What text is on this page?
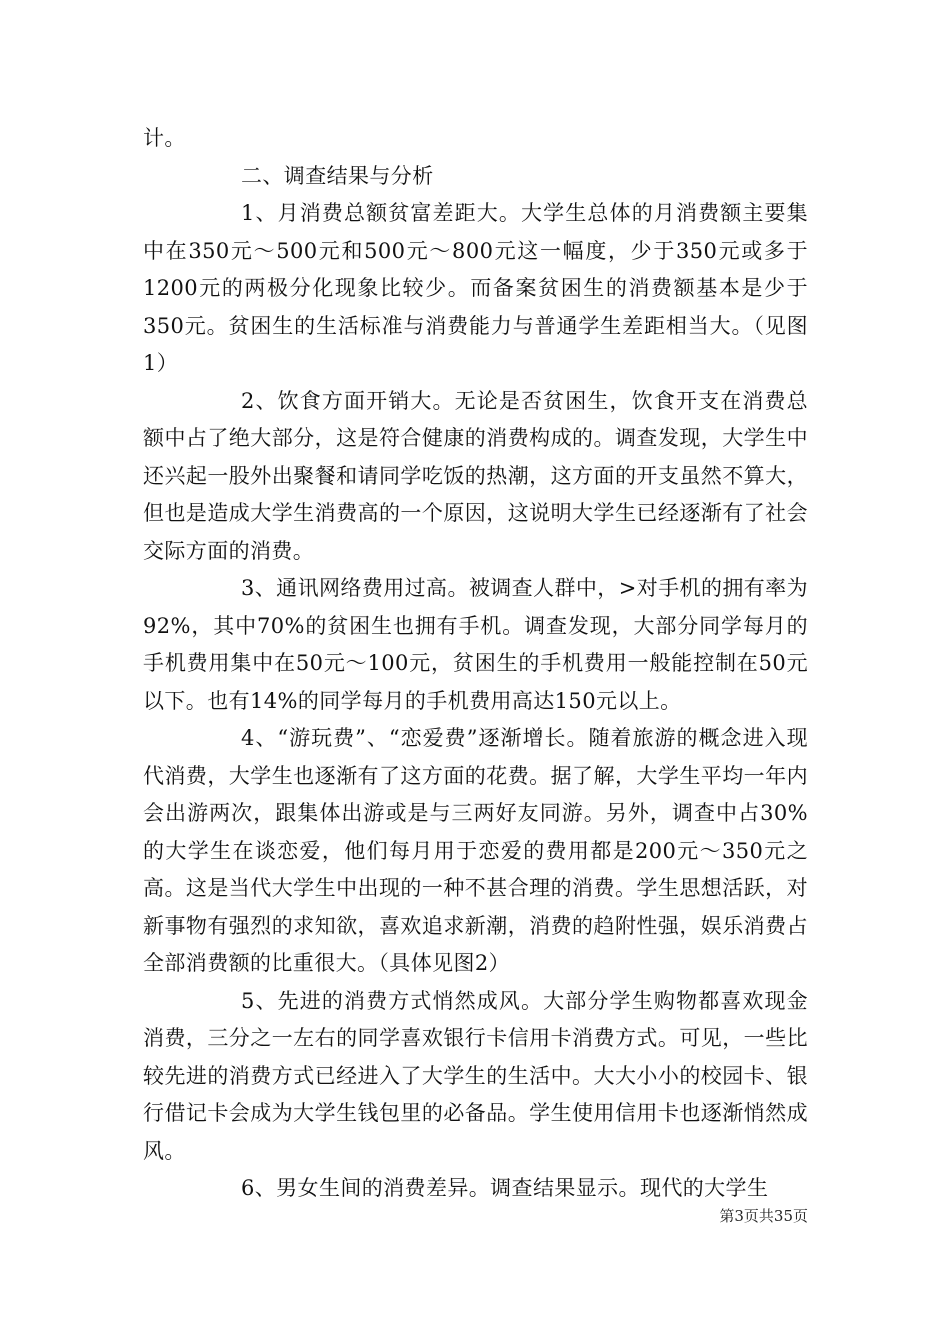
计。

二、调查结果与分析

1、月消费总额贫富差距大。大学生总体的月消费额主要集中在350元～500元和500元～800元这一幅度，少于350元或多于1200元的两极分化现象比较少。而备案贫困生的消费额基本是少于350元。贫困生的生活标准与消费能力与普通学生差距相当大。（见图1）

2、饮食方面开销大。无论是否贫困生，饮食开支在消费总额中占了绝大部分，这是符合健康的消费构成的。调查发现，大学生中还兴起一股外出聚餐和请同学吃饭的热潮，这方面的开支虽然不算大，但也是造成大学生消费高的一个原因，这说明大学生已经逐渐有了社会交际方面的消费。

3、通讯网络费用过高。被调查人群中，>对手机的拥有率为92%，其中70%的贫困生也拥有手机。调查发现，大部分同学每月的手机费用集中在50元～100元，贫困生的手机费用一般能控制在50元以下。也有14%的同学每月的手机费用高达150元以上。

4、“游玩费”、“恋爱费”逐渐增长。随着旅游的概念进入现代消费，大学生也逐渐有了这方面的花费。据了解，大学生平均一年内会出游两次，跟集体出游或是与三两好友同游。另外，调查中占30%的大学生在谈恋爱，他们每月用于恋爱的费用都是200元～350元之高。这是当代大学生中出现的一种不甚合理的消费。学生思想活跃，对新事物有强烈的求知欲，喜欢追求新潮，消费的趋附性强，娱乐消费占全部消费额的比重很大。（具体见图2）

5、先进的消费方式悄然成风。大部分学生购物都喜欢现金消费，三分之一左右的同学喜欢银行卡信用卡消费方式。可见，一些比较先进的消费方式已经进入了大学生的生活中。大大小小的校园卡、银行借记卡会成为大学生钱包里的必备品。学生使用信用卡也逐渐悄然成风。

6、男女生间的消费差异。调查结果显示。现代的大学生

第3页共35页
